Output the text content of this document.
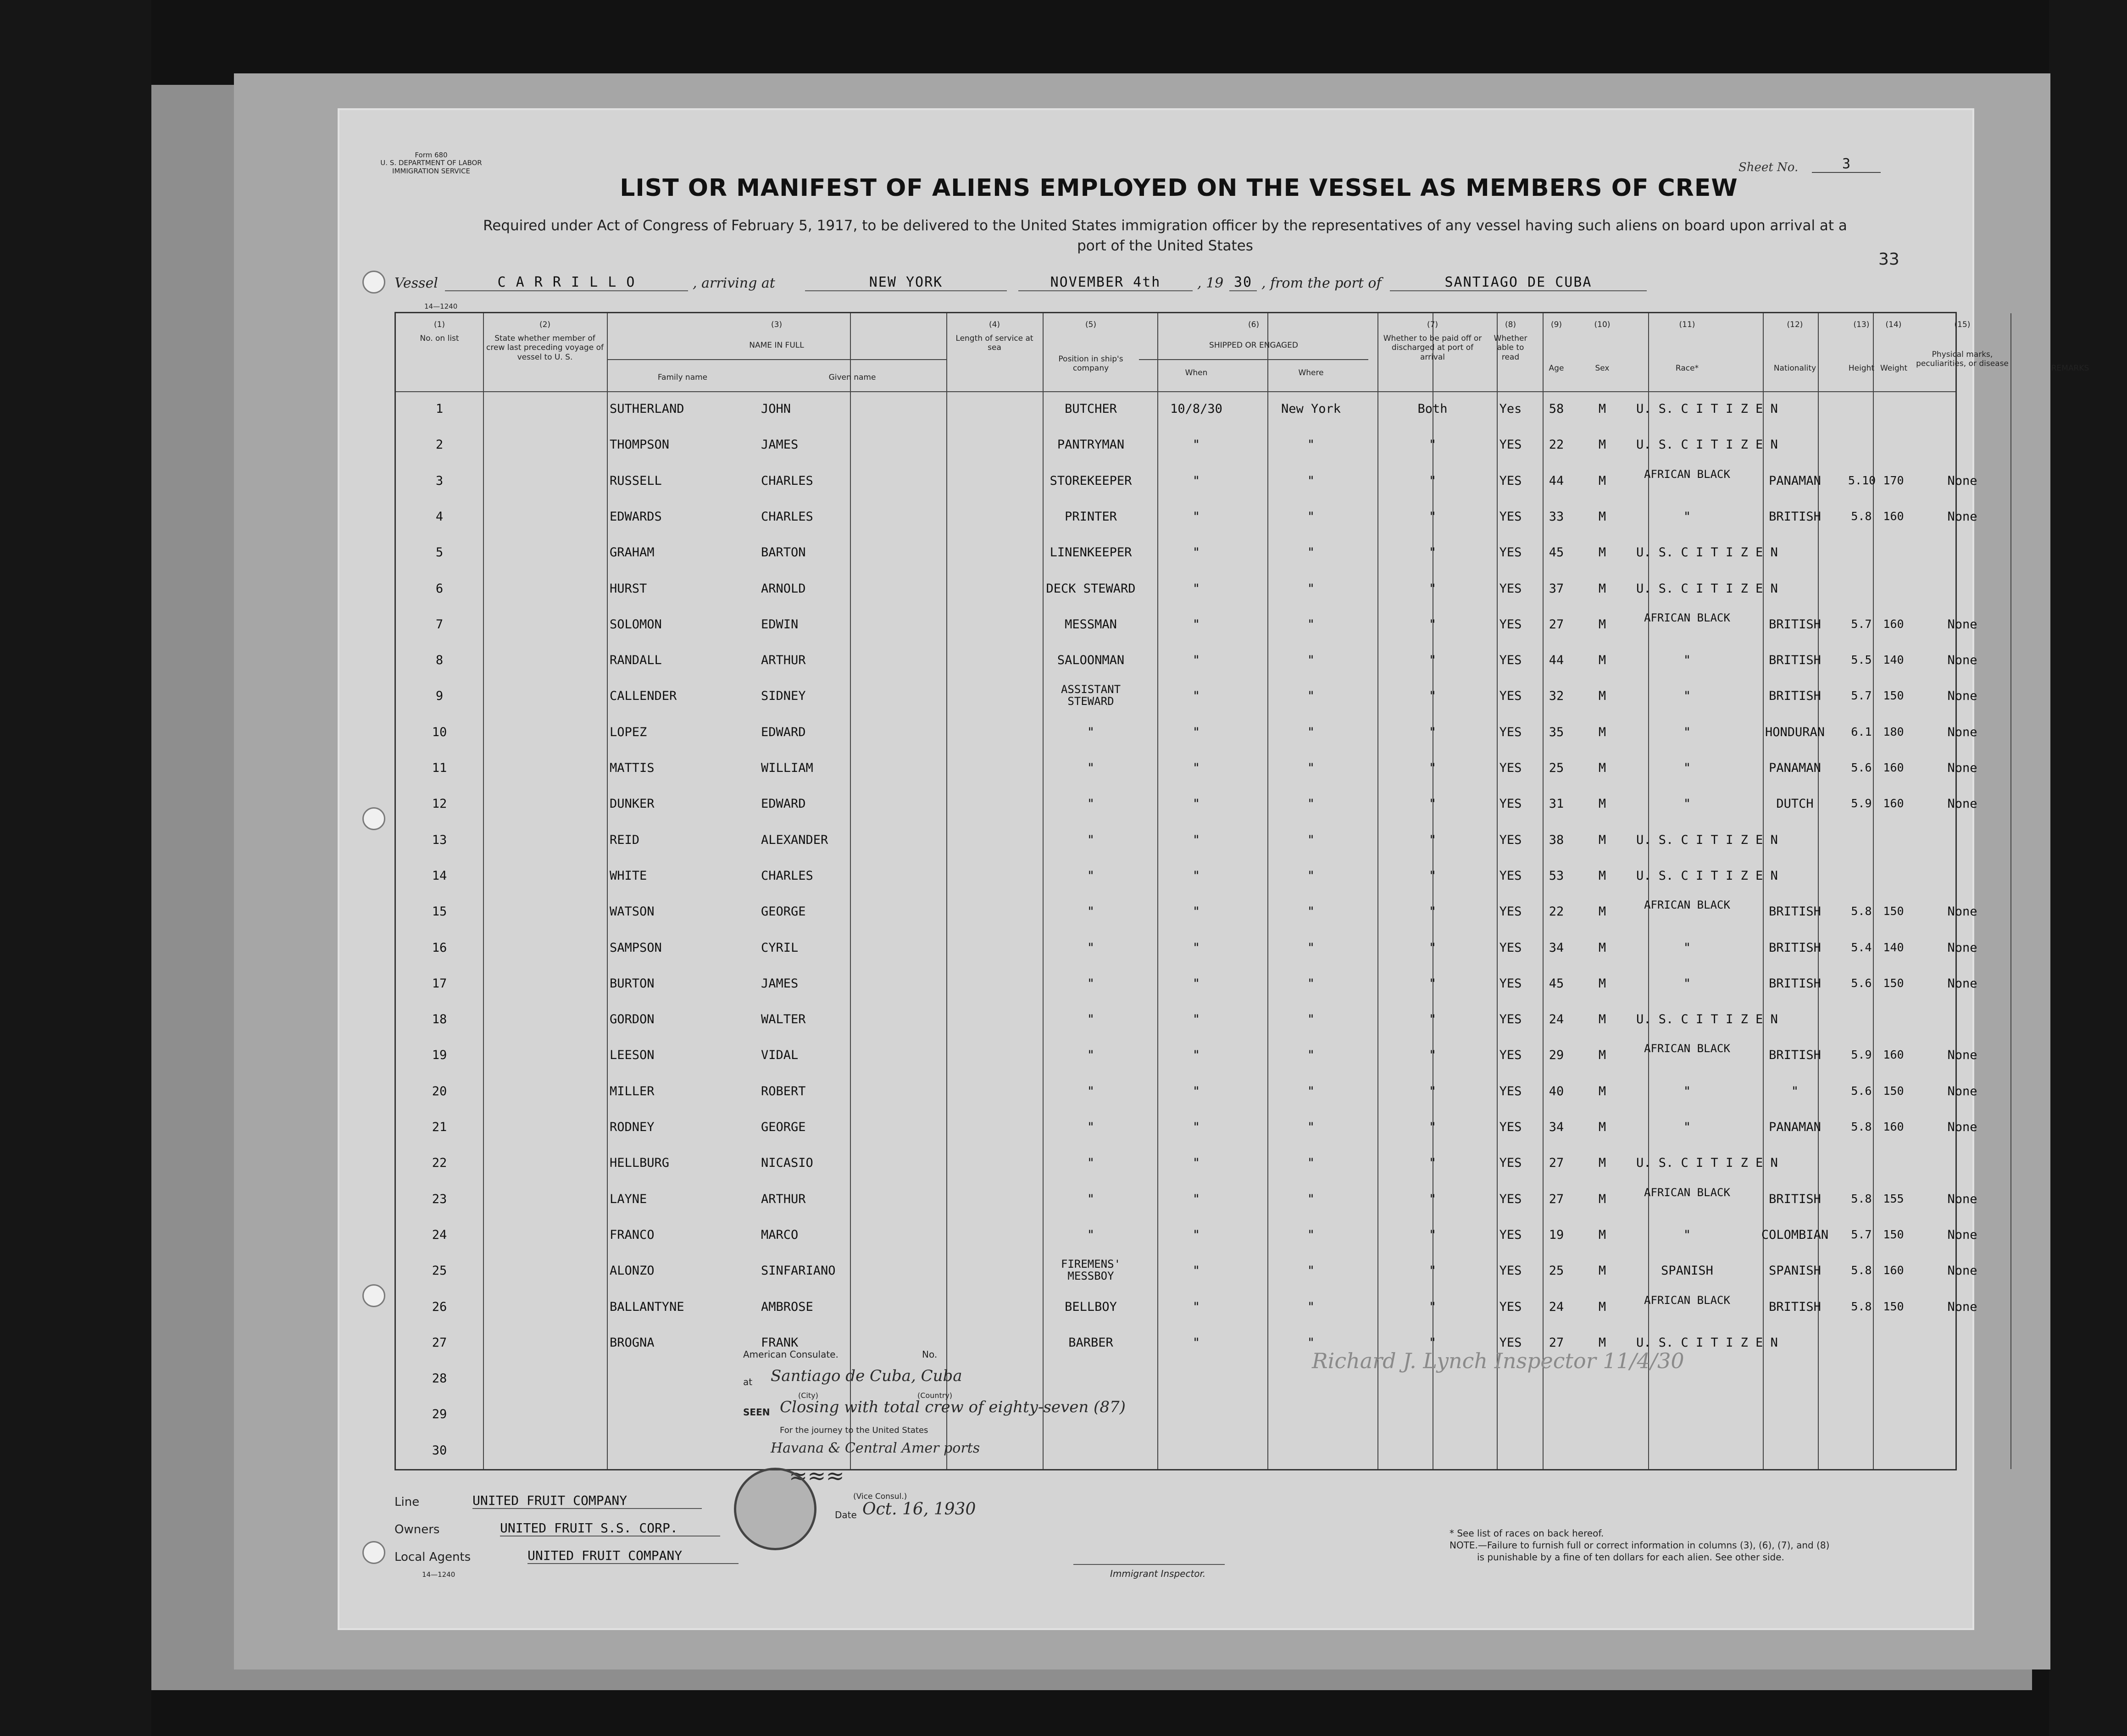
Form 680
U. S. DEPARTMENT OF LABOR
IMMIGRATION SERVICE	Sheet No.	3
LIST OR MANIFEST OF ALIENS EMPLOYED ON THE VESSEL AS MEMBERS OF CREW
Required under Act of Congress of February 5, 1917, to be delivered to the United States immigration officer by the representatives of any vessel having such aliens on board upon arrival at a
port of the United States
33
Vessel	C A R R I L L O	, arriving at	NEW YORK	NOVEMBER 4th	, 19 30 , from the port of	SANTIAGO DE CUBA
14—1240
(1)
No. on list
(2)
State whether member of crew last preceding voyage of vessel to U. S.
(3)
NAME IN FULL
Family name	Given name
(4)
Length of service at sea
(5)
Position in ship's company
(6)
SHIPPED OR ENGAGED
When	Where
(7)
Whether to be paid off or discharged at port of arrival
(8)
Whether able to read
(9)
Age
(10)
Sex
(11)
Race*
(12)
Nationality
(13)
Height
(14)
Weight
(15)
Physical marks, peculiarities, or disease	REMARKS
1	SUTHERLAND	JOHN	BUTCHER	10/8/30	New York	Both	Yes	58	M	U. S. C I T I Z E N
2	THOMPSON	JAMES	PANTRYMAN	"	"	"	YES	22	M	U. S. C I T I Z E N
3	RUSSELL	CHARLES	STOREKEEPER	"	"	"	YES	44	M	AFRICAN BLACK	PANAMAN	5.10 170	None
4	EDWARDS	CHARLES	PRINTER	"	"	"	YES	33	M	"	BRITISH	5.8 160	None
5	GRAHAM	BARTON	LINENKEEPER	"	"	"	YES	45	M	U. S. C I T I Z E N
6	HURST	ARNOLD	DECK STEWARD	"	"	"	YES	37	M	U. S. C I T I Z E N
7	SOLOMON	EDWIN	MESSMAN	"	"	"	YES	27	M	AFRICAN BLACK	BRITISH	5.7 160	None
8	RANDALL	ARTHUR	SALOONMAN	"	"	"	YES	44	M	"	BRITISH	5.5 140	None
9	CALLENDER	SIDNEY	ASSISTANT STEWARD	"	"	"	YES	32	M	"	BRITISH	5.7 150	None
10	LOPEZ	EDWARD	"	"	"	"	YES	35	M	"	HONDURAN	6.1 180	None
11	MATTIS	WILLIAM	"	"	"	"	YES	25	M	"	PANAMAN	5.6 160	None
12	DUNKER	EDWARD	"	"	"	"	YES	31	M	"	DUTCH	5.9 160	None
13	REID	ALEXANDER	"	"	"	"	YES	38	M	U. S. C I T I Z E N
14	WHITE	CHARLES	"	"	"	"	YES	53	M	U. S. C I T I Z E N
15	WATSON	GEORGE	"	"	"	"	YES	22	M	AFRICAN BLACK	BRITISH	5.8 150	None
16	SAMPSON	CYRIL	"	"	"	"	YES	34	M	"	BRITISH	5.4 140	None
17	BURTON	JAMES	"	"	"	"	YES	45	M	"	BRITISH	5.6 150	None
18	GORDON	WALTER	"	"	"	"	YES	24	M	U. S. C I T I Z E N
19	LEESON	VIDAL	"	"	"	"	YES	29	M	AFRICAN BLACK	BRITISH	5.9 160	None
20	MILLER	ROBERT	"	"	"	"	YES	40	M	"	"	5.6 150	None
21	RODNEY	GEORGE	"	"	"	"	YES	34	M	"	PANAMAN	5.8 160	None
22	HELLBURG	NICASIO	"	"	"	"	YES	27	M	U. S. C I T I Z E N
23	LAYNE	ARTHUR	"	"	"	"	YES	27	M	AFRICAN BLACK	BRITISH	5.8 155	None
24	FRANCO	MARCO	"	"	"	"	YES	19	M	"	COLOMBIAN	5.7 150	None
25	ALONZO	SINFARIANO	FIREMENS' MESSBOY	"	"	"	YES	25	M	SPANISH	SPANISH	5.8 160	None
26	BALLANTYNE	AMBROSE	BELLBOY	"	"	"	YES	24	M	AFRICAN BLACK	BRITISH	5.8 150	None
27	BROGNA	FRANK	BARBER	"	"	"	YES	27	M	U. S. C I T I Z E N
28
29
30
Line	UNITED FRUIT COMPANY
Owners	UNITED FRUIT S.S. CORP.
Local Agents	UNITED FRUIT COMPANY
14—1240	Immigrant Inspector.
* See list of races on back hereof.
NOTE.—Failure to furnish full or correct information in columns (3), (6), (7), and (8)
is punishable by a fine of ten dollars for each alien. See other side.
American Consulate.	No.
at Santiago de Cuba, Cuba
(City)	(Country)
SEEN Closing with total crew of eighty-seven (87)
For the journey to the United States
Havana & Central Amer ports
≈≈≈
(Vice Consul.)
Date Oct. 16, 1930
Richard J. Lynch Inspector 11/4/30
